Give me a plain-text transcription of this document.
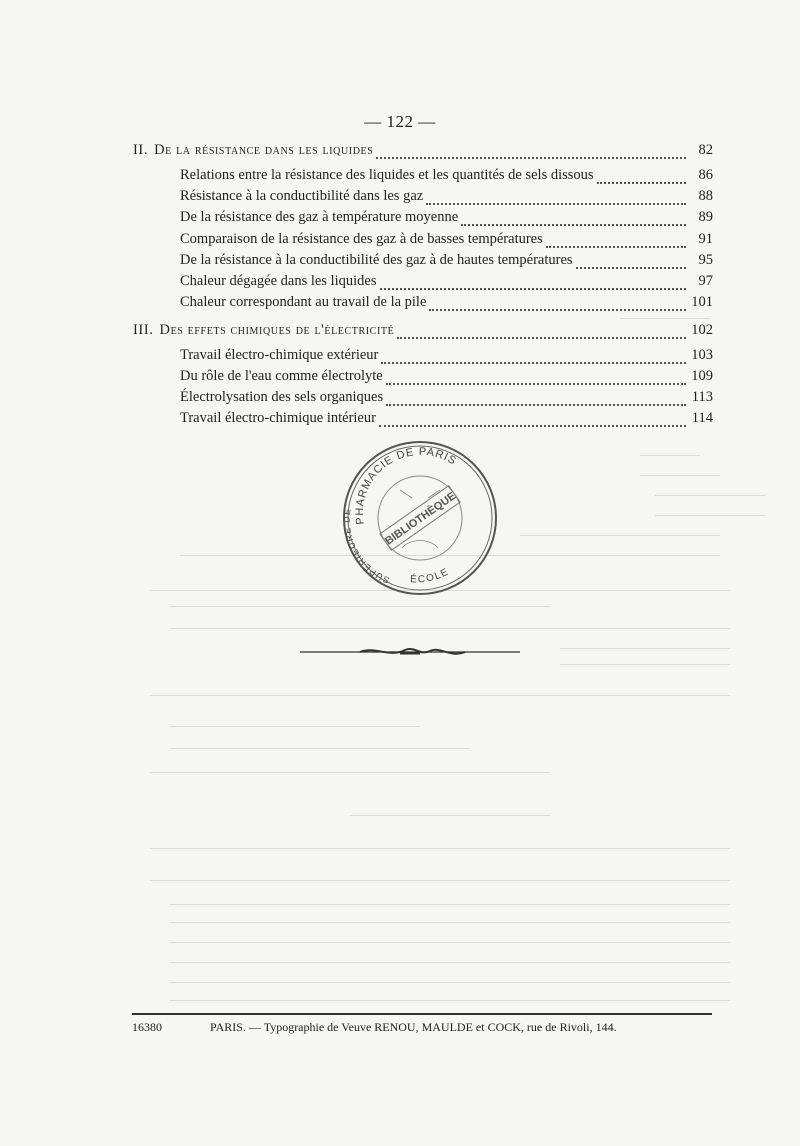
— 122 —
II. De la résistance dans les liquides	82
Relations entre la résistance des liquides et les quantités de sels dissous	86
Résistance à la conductibilité dans les gaz	88
De la résistance des gaz à température moyenne	89
Comparaison de la résistance des gaz à de basses températures	91
De la résistance à la conductibilité des gaz à de hautes températures	95
Chaleur dégagée dans les liquides	97
Chaleur correspondant au travail de la pile	101
III. Des effets chimiques de l'électricité	102
Travail électro-chimique extérieur	103
Du rôle de l'eau comme électrolyte	109
Électrolysation des sels organiques	113
Travail électro-chimique intérieur	114
PHARMACIE DE PARIS
SUPÉRIEURE DE
ÉCOLE
BIBLIOTHÈQUE
16380	PARIS. — Typographie de Veuve RENOU, MAULDE et COCK, rue de Rivoli, 144.
